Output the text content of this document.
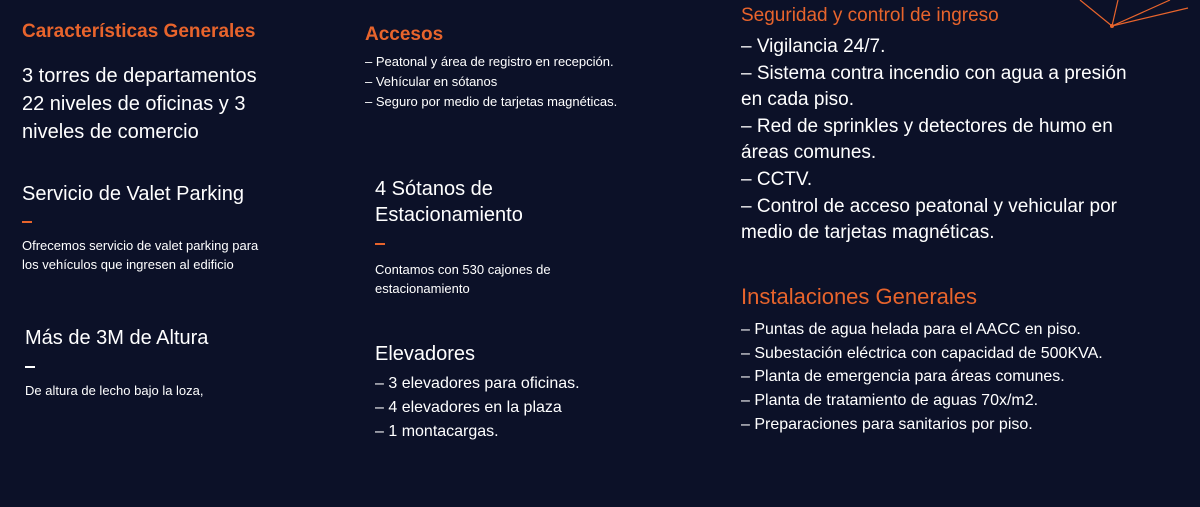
Características Generales
3 torres de departamentos
22 niveles de oficinas y 3
niveles de comercio
Servicio de Valet Parking
Ofrecemos servicio de valet parking para
los vehículos que ingresen al edificio
Más de 3M de Altura
De altura de lecho bajo la loza,
Accesos
– Peatonal y área de registro en recepción.
– Vehícular en sótanos
– Seguro por medio de tarjetas magnéticas.
4 Sótanos de
Estacionamiento
Contamos con 530 cajones de
estacionamiento
Elevadores
– 3 elevadores para oficinas.
– 4 elevadores en la plaza
– 1 montacargas.
Seguridad y control de ingreso
– Vigilancia 24/7.
– Sistema contra incendio con agua a presión
en cada piso.
– Red de sprinkles y detectores de humo en
áreas comunes.
– CCTV.
– Control de acceso peatonal y vehicular por
medio de tarjetas magnéticas.
Instalaciones Generales
– Puntas de agua helada para el AACC en piso.
– Subestación eléctrica con capacidad de 500KVA.
– Planta de emergencia para áreas comunes.
– Planta de tratamiento de aguas 70x/m2.
– Preparaciones para sanitarios por piso.
